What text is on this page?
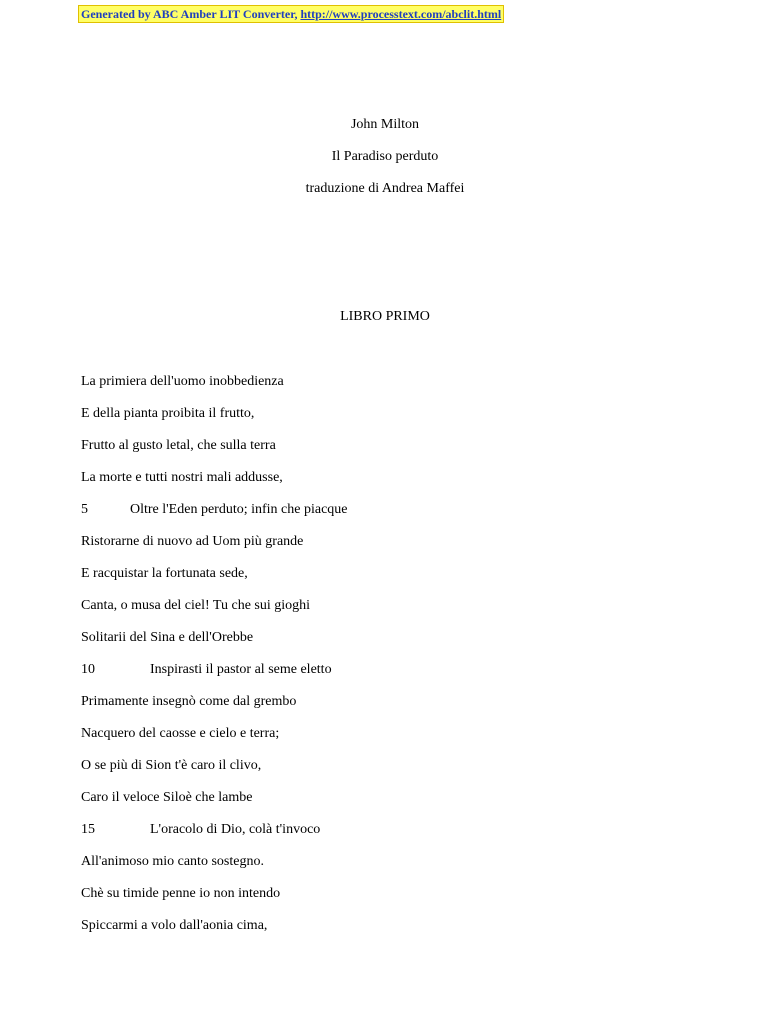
Generated by ABC Amber LIT Converter, http://www.processtext.com/abclit.html
John Milton
Il Paradiso perduto
traduzione di Andrea Maffei
LIBRO PRIMO
La primiera dell'uomo inobbedienza
E della pianta proibita il frutto,
Frutto al gusto letal, che sulla terra
La morte e tutti nostri mali addusse,
5	Oltre l'Eden perduto; infin che piacque
Ristorarne di nuovo ad Uom più grande
E racquistar la fortunata sede,
Canta, o musa del ciel! Tu che sui gioghi
Solitarii del Sina e dell'Orebbe
10	Inspirasti il pastor al seme eletto
Primamente insegnò come dal grembo
Nacquero del caosse e cielo e terra;
O se più di Sion t'è caro il clivo,
Caro il veloce Siloè che lambe
15	L'oracolo di Dio, colà t'invoco
All'animoso mio canto sostegno.
Chè su timide penne io non intendo
Spiccarmi a volo dall'aonia cima,
